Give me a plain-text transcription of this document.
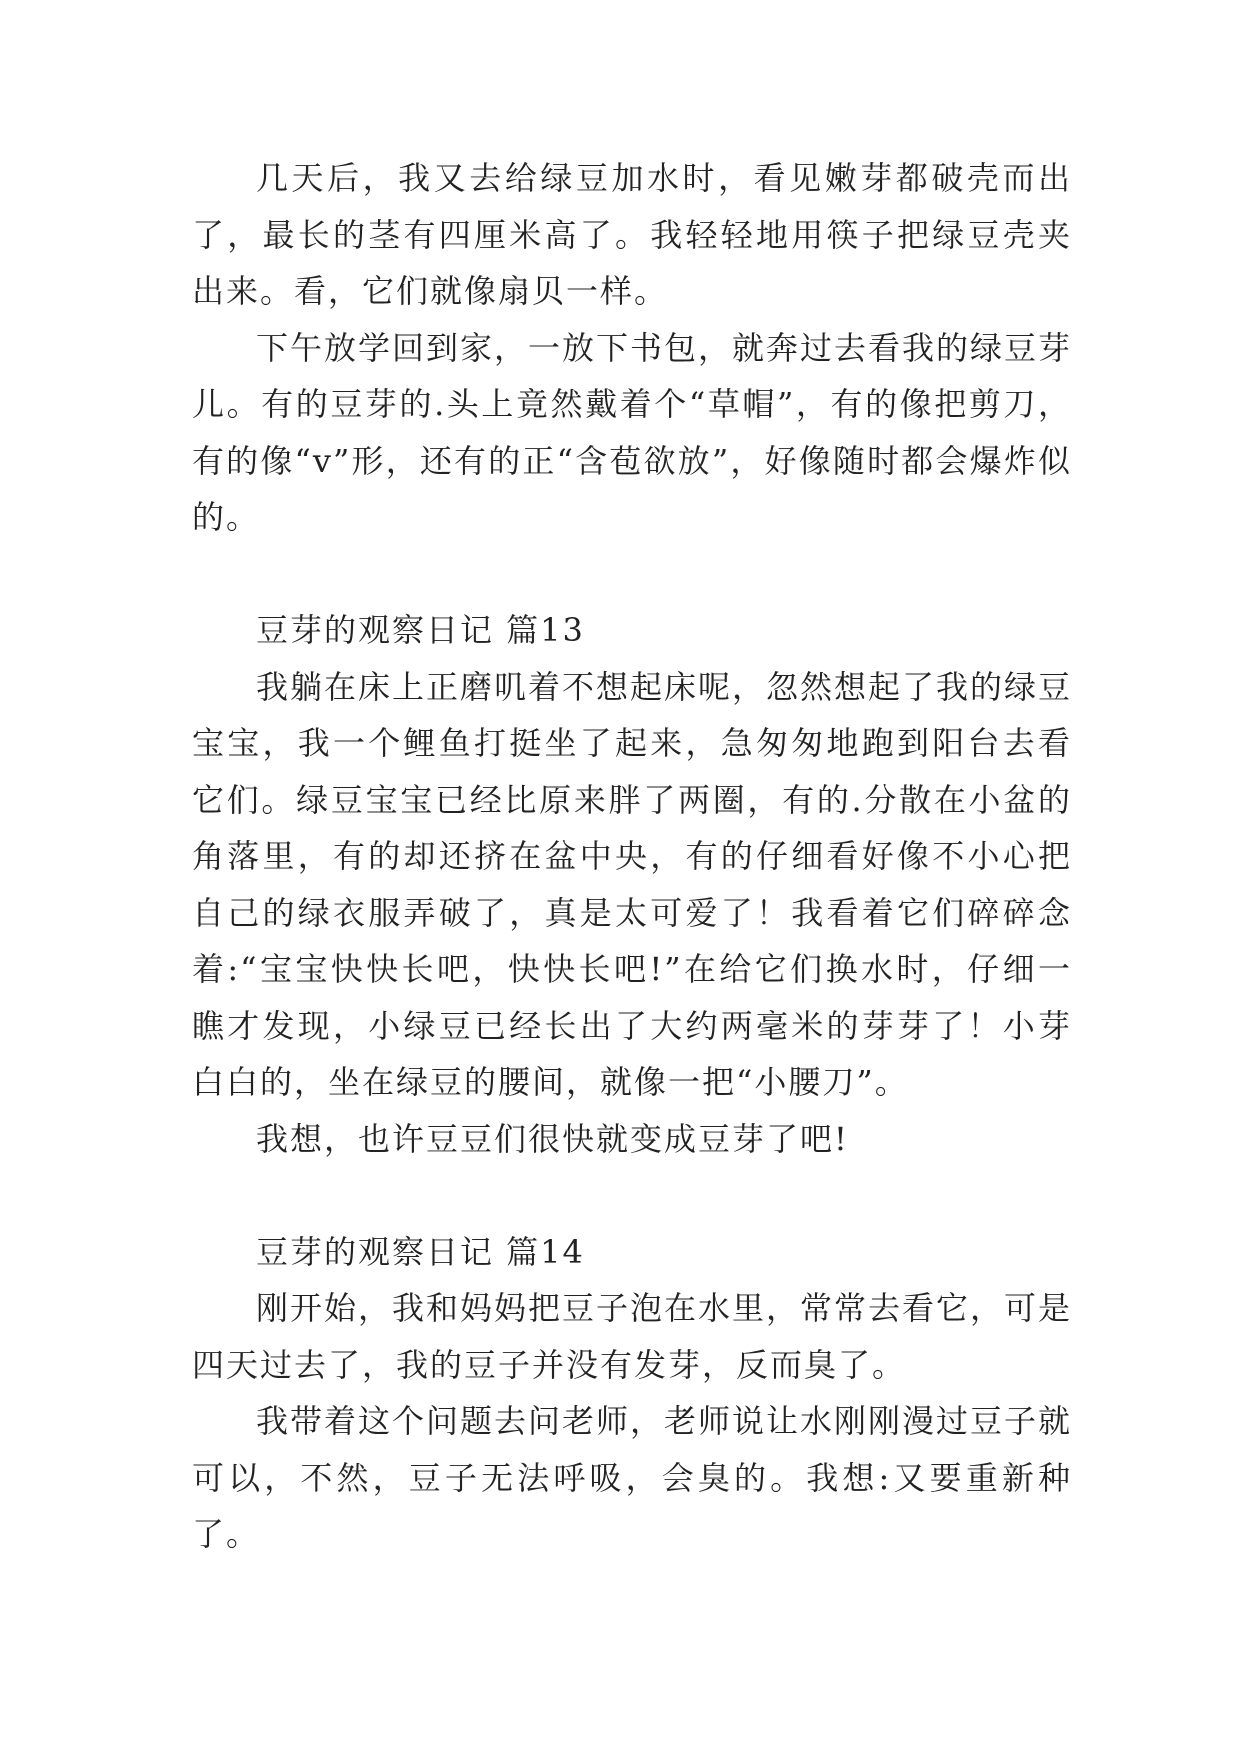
几天后，我又去给绿豆加水时，看见嫩芽都破壳而出了，最长的茎有四厘米高了。我轻轻地用筷子把绿豆壳夹出来。看，它们就像扇贝一样。

下午放学回到家，一放下书包，就奔过去看我的绿豆芽儿。有的豆芽的.头上竟然戴着个“草帽”，有的像把剪刀，有的像“v”形，还有的正“含苞欲放”，好像随时都会爆炸似的。

豆芽的观察日记 篇13

我躺在床上正磨叽着不想起床呢，忽然想起了我的绿豆宝宝，我一个鲤鱼打挺坐了起来，急匆匆地跑到阳台去看它们。绿豆宝宝已经比原来胖了两圈，有的.分散在小盆的角落里，有的却还挤在盆中央，有的仔细看好像不小心把自己的绿衣服弄破了，真是太可爱了！我看着它们碎碎念着:“宝宝快快长吧，快快长吧!”在给它们换水时，仔细一瞧才发现，小绿豆已经长出了大约两毫米的芽芽了！小芽白白的，坐在绿豆的腰间，就像一把“小腰刀”。

我想，也许豆豆们很快就变成豆芽了吧!

豆芽的观察日记 篇14

刚开始，我和妈妈把豆子泡在水里，常常去看它，可是四天过去了，我的豆子并没有发芽，反而臭了。

我带着这个问题去问老师，老师说让水刚刚漫过豆子就可以，不然，豆子无法呼吸，会臭的。我想:又要重新种了。
